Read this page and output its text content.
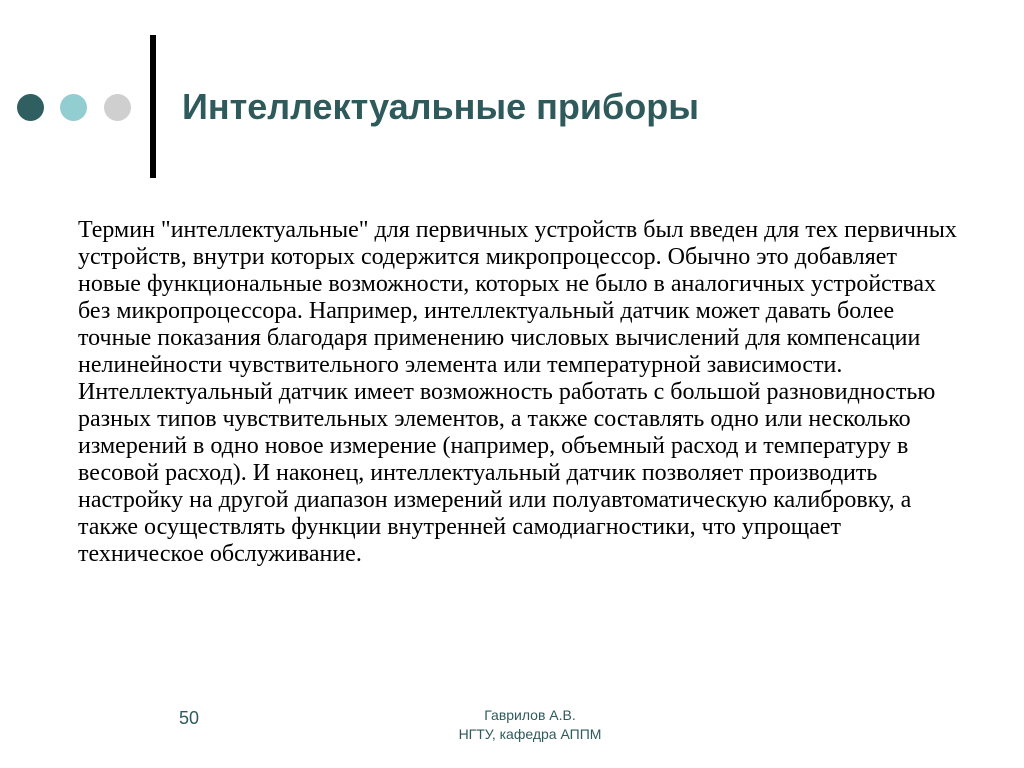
Интеллектуальные приборы

Термин "интеллектуальные" для первичных устройств был введен для тех первичных устройств, внутри которых содержится микропроцессор. Обычно это добавляет новые функциональные возможности, которых не было в аналогичных устройствах без микропроцессора. Например, интеллектуальный датчик может давать более точные показания благодаря применению числовых вычислений для компенсации нелинейности чувствительного элемента или температурной зависимости. Интеллектуальный датчик имеет возможность работать с большой разновидностью разных типов чувствительных элементов, а также составлять одно или несколько измерений в одно новое измерение (например, объемный расход и температуру в весовой расход). И наконец, интеллектуальный датчик позволяет производить настройку на другой диапазон измерений или полуавтоматическую калибровку, а также осуществлять функции внутренней самодиагностики, что упрощает техническое обслуживание.

50	Гаврилов А.В.
НГТУ, кафедра АППМ
